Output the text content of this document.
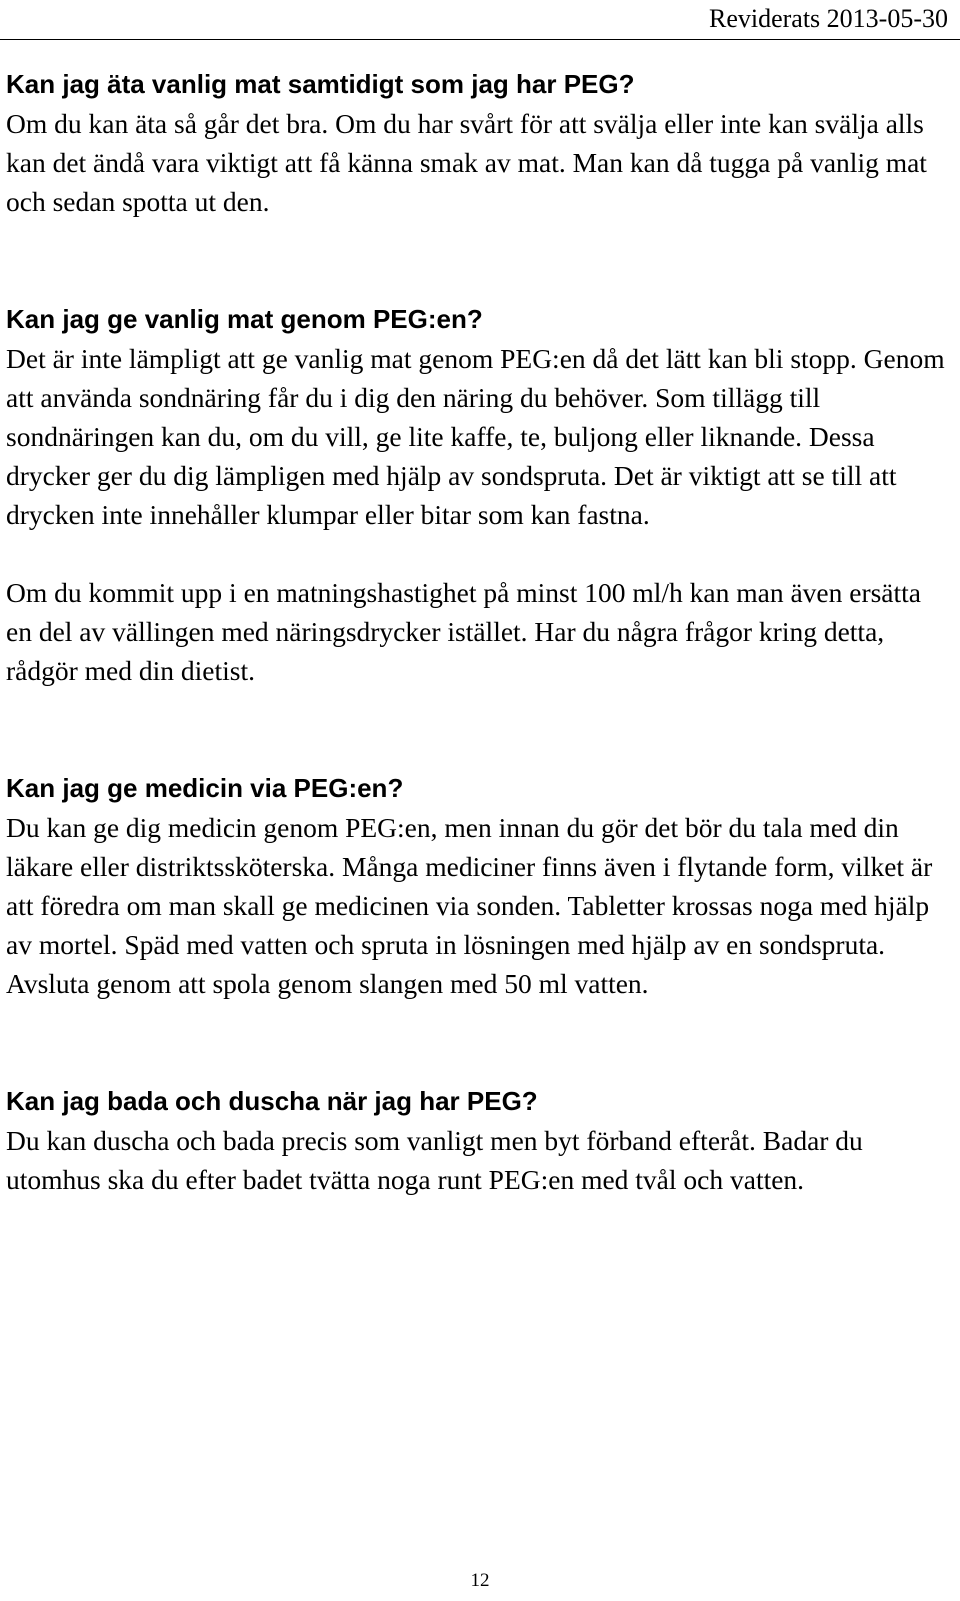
Reviderats 2013-05-30
Kan jag äta vanlig mat samtidigt som jag har PEG?

Om du kan äta så går det bra. Om du har svårt för att svälja eller inte kan svälja alls kan det ändå vara viktigt att få känna smak av mat. Man kan då tugga på vanlig mat och sedan spotta ut den.

Kan jag ge vanlig mat genom PEG:en?

Det är inte lämpligt att ge vanlig mat genom PEG:en då det lätt kan bli stopp. Genom att använda sondnäring får du i dig den näring du behöver. Som tillägg till sondnäringen kan du, om du vill, ge lite kaffe, te, buljong eller liknande. Dessa drycker ger du dig lämpligen med hjälp av sondspruta. Det är viktigt att se till att drycken inte innehåller klumpar eller bitar som kan fastna.

Om du kommit upp i en matningshastighet på minst 100 ml/h kan man även ersätta en del av vällingen med näringsdrycker istället. Har du några frågor kring detta, rådgör med din dietist.

Kan jag ge medicin via PEG:en?

Du kan ge dig medicin genom PEG:en, men innan du gör det bör du tala med din läkare eller distriktssköterska. Många mediciner finns även i flytande form, vilket är att föredra om man skall ge medicinen via sonden. Tabletter krossas noga med hjälp av mortel. Späd med vatten och spruta in lösningen med hjälp av en sondspruta. Avsluta genom att spola genom slangen med 50 ml vatten.

Kan jag bada och duscha när jag har PEG?

Du kan duscha och bada precis som vanligt men byt förband efteråt. Badar du utomhus ska du efter badet tvätta noga runt PEG:en med tvål och vatten.

12
